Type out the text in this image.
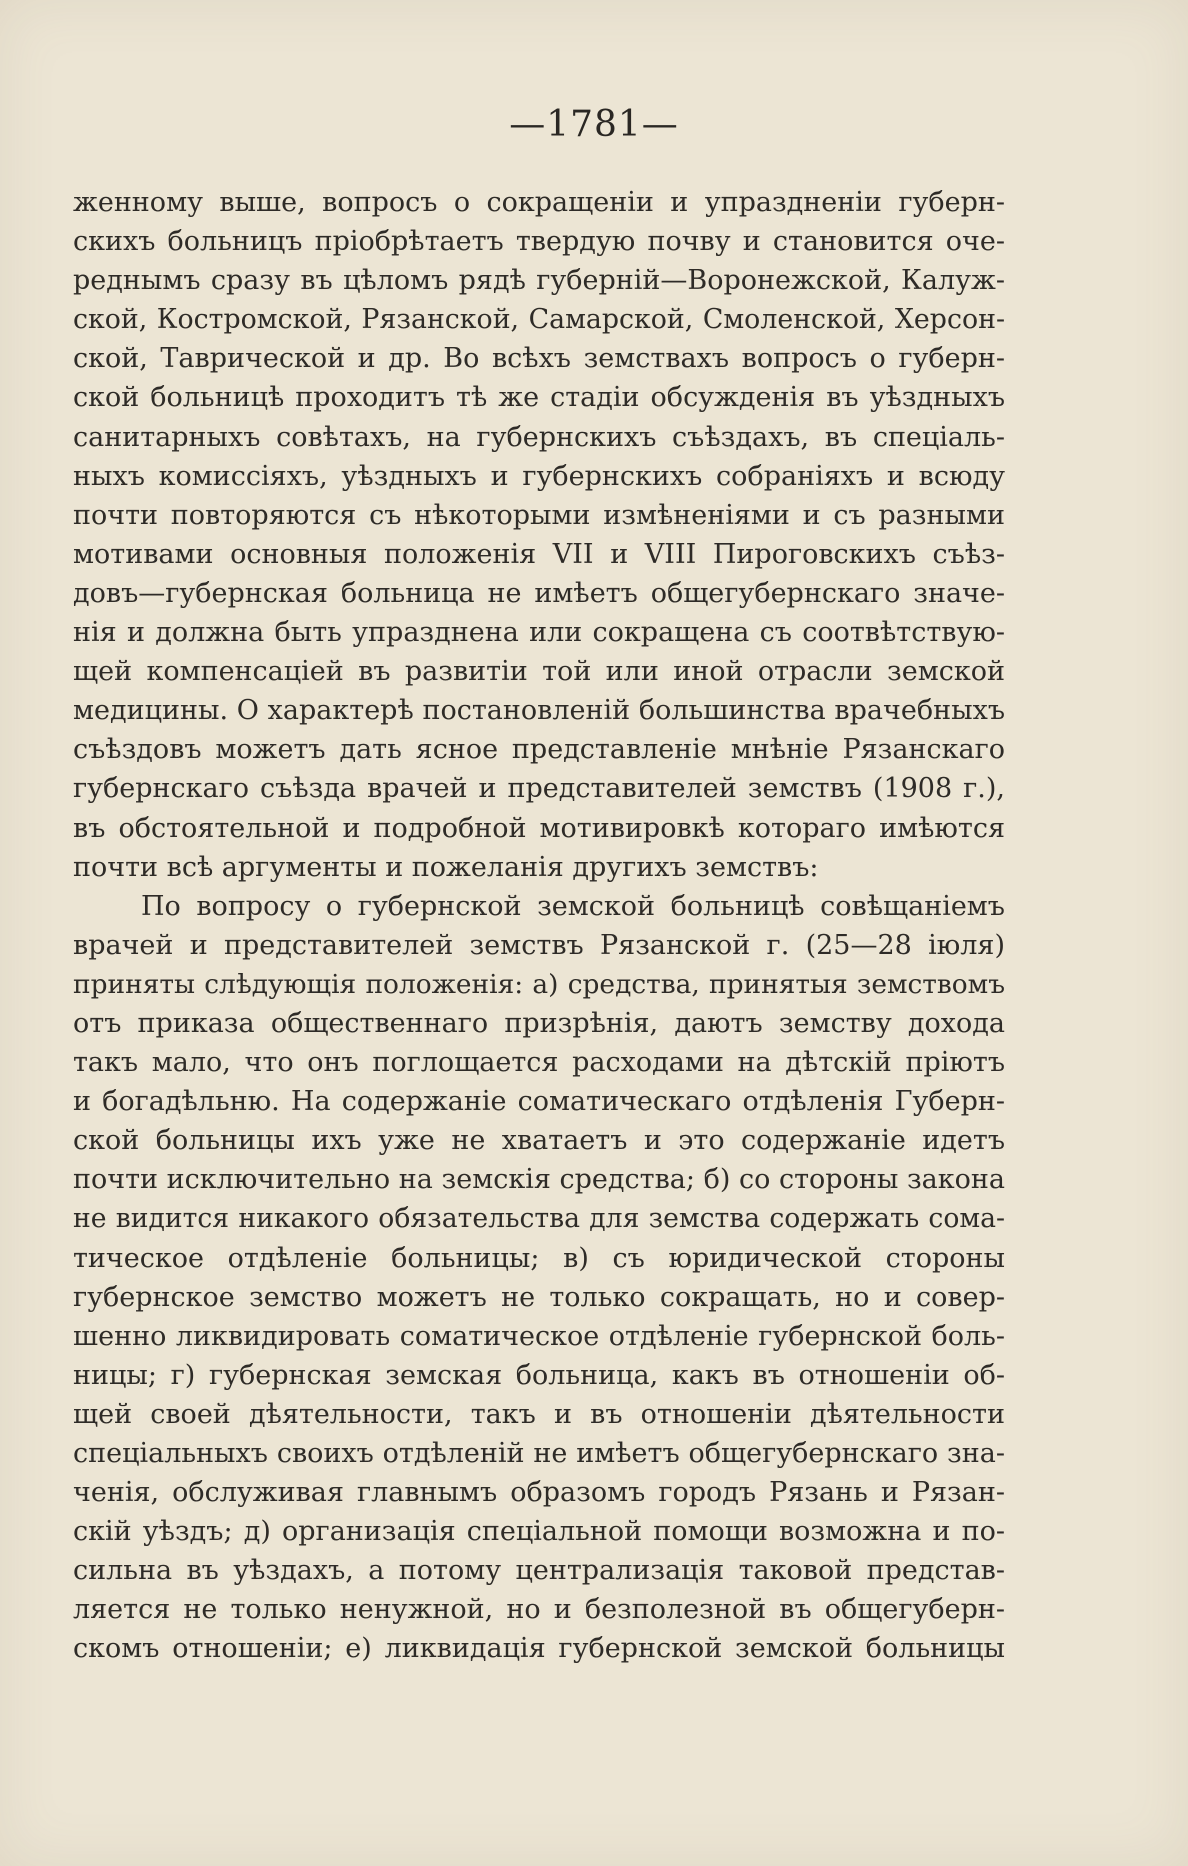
—1781—
женному выше, вопросъ о сокращеніи и упраздненіи губерн-
скихъ больницъ пріобрѣтаетъ твердую почву и становится оче-
реднымъ сразу въ цѣломъ рядѣ губерній—Воронежской, Калуж-
ской, Костромской, Рязанской, Самарской, Смоленской, Херсон-
ской, Таврической и др. Во всѣхъ земствахъ вопросъ о губерн-
ской больницѣ проходитъ тѣ же стадіи обсужденія въ уѣздныхъ
санитарныхъ совѣтахъ, на губернскихъ съѣздахъ, въ спеціаль-
ныхъ комиссіяхъ, уѣздныхъ и губернскихъ собраніяхъ и всюду
почти повторяются съ нѣкоторыми измѣненіями и съ разными
мотивами основныя положенія VII и VIII Пироговскихъ съѣз-
довъ—губернская больница не имѣетъ общегубернскаго значе-
нія и должна быть упразднена или сокращена съ соотвѣтствую-
щей компенсаціей въ развитіи той или иной отрасли земской
медицины. О характерѣ постановленій большинства врачебныхъ
съѣздовъ можетъ дать ясное представленіе мнѣніе Рязанскаго
губернскаго съѣзда врачей и представителей земствъ (1908 г.),
въ обстоятельной и подробной мотивировкѣ котораго имѣются
почти всѣ аргументы и пожеланія другихъ земствъ:
По вопросу о губернской земской больницѣ совѣщаніемъ
врачей и представителей земствъ Рязанской г. (25—28 іюля)
приняты слѣдующія положенія: а) средства, принятыя земствомъ
отъ приказа общественнаго призрѣнія, даютъ земству дохода
такъ мало, что онъ поглощается расходами на дѣтскій пріютъ
и богадѣльню. На содержаніе соматическаго отдѣленія Губерн-
ской больницы ихъ уже не хватаетъ и это содержаніе идетъ
почти исключительно на земскія средства; б) со стороны закона
не видится никакого обязательства для земства содержать сома-
тическое отдѣленіе больницы; в) съ юридической стороны
губернское земство можетъ не только сокращать, но и совер-
шенно ликвидировать соматическое отдѣленіе губернской боль-
ницы; г) губернская земская больница, какъ въ отношеніи об-
щей своей дѣятельности, такъ и въ отношеніи дѣятельности
спеціальныхъ своихъ отдѣленій не имѣетъ общегубернскаго зна-
ченія, обслуживая главнымъ образомъ городъ Рязань и Рязан-
скій уѣздъ; д) организація спеціальной помощи возможна и по-
сильна въ уѣздахъ, а потому централизація таковой представ-
ляется не только ненужной, но и безполезной въ общегуберн-
скомъ отношеніи; е) ликвидація губернской земской больницы
